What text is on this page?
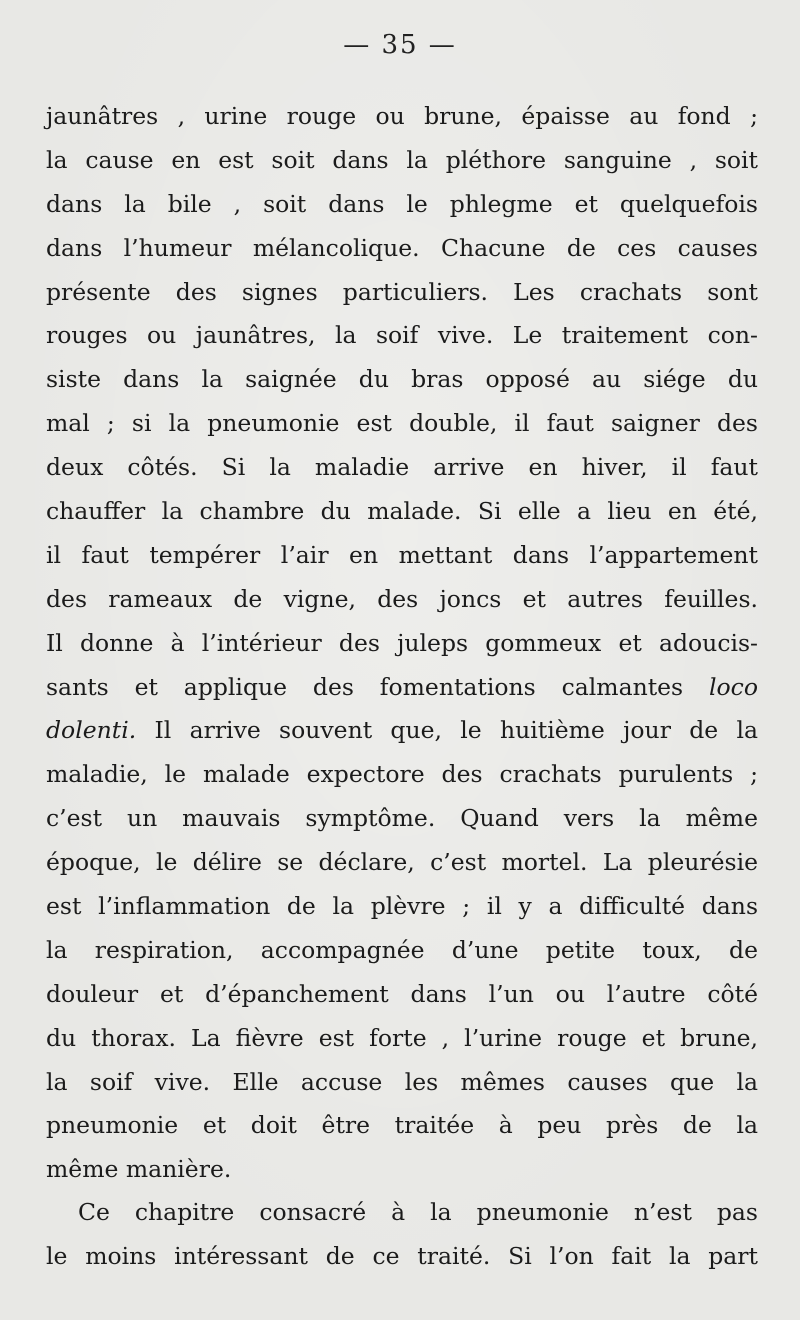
— 35 —
jaunâtres , urine rouge ou brune, épaisse au fond ;
la cause en est soit dans la pléthore sanguine , soit
dans la bile , soit dans le phlegme et quelquefois
dans l’humeur mélancolique. Chacune de ces causes
présente des signes particuliers. Les crachats sont
rouges ou jaunâtres, la soif vive. Le traitement con-
siste dans la saignée du bras opposé au siége du
mal ; si la pneumonie est double, il faut saigner des
deux côtés. Si la maladie arrive en hiver, il faut
chauffer la chambre du malade. Si elle a lieu en été,
il faut tempérer l’air en mettant dans l’appartement
des rameaux de vigne, des joncs et autres feuilles.
Il donne à l’intérieur des juleps gommeux et adoucis-
sants et applique des fomentations calmantes loco
dolenti. Il arrive souvent que, le huitième jour de la
maladie, le malade expectore des crachats purulents ;
c’est un mauvais symptôme. Quand vers la même
époque, le délire se déclare, c’est mortel. La pleurésie
est l’inflammation de la plèvre ; il y a difficulté dans
la respiration, accompagnée d’une petite toux, de
douleur et d’épanchement dans l’un ou l’autre côté
du thorax. La fièvre est forte , l’urine rouge et brune,
la soif vive. Elle accuse les mêmes causes que la
pneumonie et doit être traitée à peu près de la
même manière.
Ce chapitre consacré à la pneumonie n’est pas
le moins intéressant de ce traité. Si l’on fait la part
